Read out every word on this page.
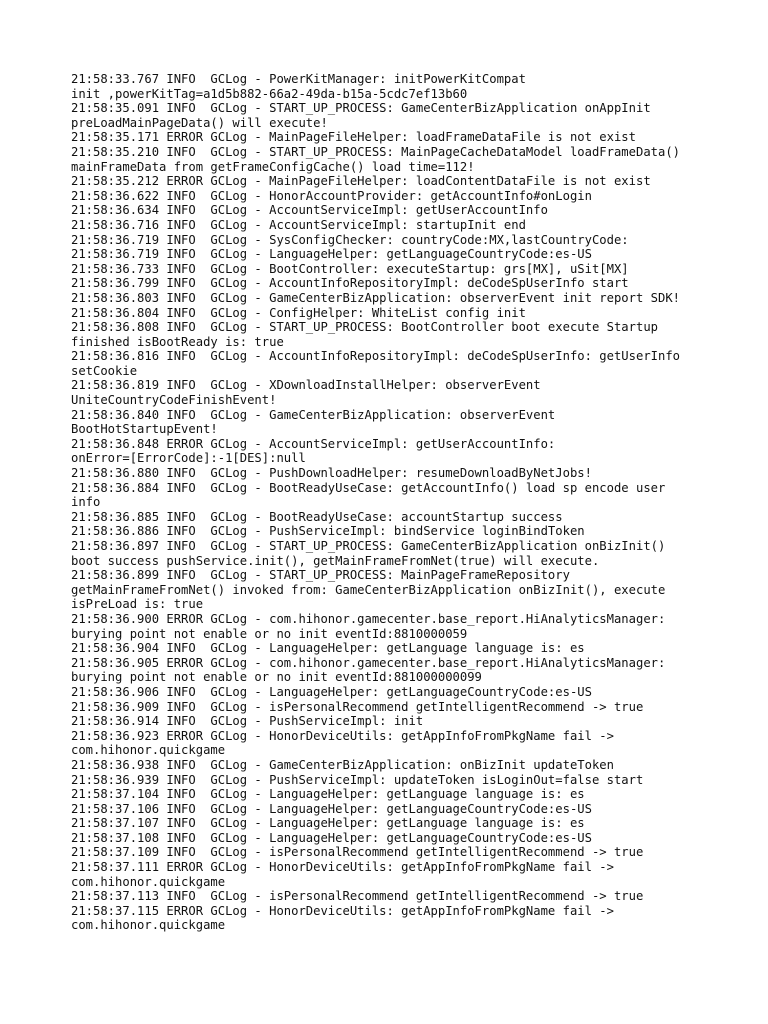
21:58:33.767 INFO  GCLog - PowerKitManager: initPowerKitCompat
init ,powerKitTag=a1d5b882-66a2-49da-b15a-5cdc7ef13b60
21:58:35.091 INFO  GCLog - START_UP_PROCESS: GameCenterBizApplication onAppInit
preLoadMainPageData() will execute!
21:58:35.171 ERROR GCLog - MainPageFileHelper: loadFrameDataFile is not exist
21:58:35.210 INFO  GCLog - START_UP_PROCESS: MainPageCacheDataModel loadFrameData()
mainFrameData from getFrameConfigCache() load time=112!
21:58:35.212 ERROR GCLog - MainPageFileHelper: loadContentDataFile is not exist
21:58:36.622 INFO  GCLog - HonorAccountProvider: getAccountInfo#onLogin
21:58:36.634 INFO  GCLog - AccountServiceImpl: getUserAccountInfo
21:58:36.716 INFO  GCLog - AccountServiceImpl: startupInit end
21:58:36.719 INFO  GCLog - SysConfigChecker: countryCode:MX,lastCountryCode:
21:58:36.719 INFO  GCLog - LanguageHelper: getLanguageCountryCode:es-US
21:58:36.733 INFO  GCLog - BootController: executeStartup: grs[MX], uSit[MX]
21:58:36.799 INFO  GCLog - AccountInfoRepositoryImpl: deCodeSpUserInfo start
21:58:36.803 INFO  GCLog - GameCenterBizApplication: observerEvent init report SDK!
21:58:36.804 INFO  GCLog - ConfigHelper: WhiteList config init
21:58:36.808 INFO  GCLog - START_UP_PROCESS: BootController boot execute Startup
finished isBootReady is: true
21:58:36.816 INFO  GCLog - AccountInfoRepositoryImpl: deCodeSpUserInfo: getUserInfo
setCookie
21:58:36.819 INFO  GCLog - XDownloadInstallHelper: observerEvent
UniteCountryCodeFinishEvent!
21:58:36.840 INFO  GCLog - GameCenterBizApplication: observerEvent
BootHotStartupEvent!
21:58:36.848 ERROR GCLog - AccountServiceImpl: getUserAccountInfo:
onError=[ErrorCode]:-1[DES]:null
21:58:36.880 INFO  GCLog - PushDownloadHelper: resumeDownloadByNetJobs!
21:58:36.884 INFO  GCLog - BootReadyUseCase: getAccountInfo() load sp encode user
info
21:58:36.885 INFO  GCLog - BootReadyUseCase: accountStartup success
21:58:36.886 INFO  GCLog - PushServiceImpl: bindService loginBindToken
21:58:36.897 INFO  GCLog - START_UP_PROCESS: GameCenterBizApplication onBizInit()
boot success pushService.init(), getMainFrameFromNet(true) will execute.
21:58:36.899 INFO  GCLog - START_UP_PROCESS: MainPageFrameRepository
getMainFrameFromNet() invoked from: GameCenterBizApplication onBizInit(), execute
isPreLoad is: true
21:58:36.900 ERROR GCLog - com.hihonor.gamecenter.base_report.HiAnalyticsManager:
burying point not enable or no init eventId:8810000059
21:58:36.904 INFO  GCLog - LanguageHelper: getLanguage language is: es
21:58:36.905 ERROR GCLog - com.hihonor.gamecenter.base_report.HiAnalyticsManager:
burying point not enable or no init eventId:881000000099
21:58:36.906 INFO  GCLog - LanguageHelper: getLanguageCountryCode:es-US
21:58:36.909 INFO  GCLog - isPersonalRecommend getIntelligentRecommend -> true
21:58:36.914 INFO  GCLog - PushServiceImpl: init
21:58:36.923 ERROR GCLog - HonorDeviceUtils: getAppInfoFromPkgName fail ->
com.hihonor.quickgame
21:58:36.938 INFO  GCLog - GameCenterBizApplication: onBizInit updateToken
21:58:36.939 INFO  GCLog - PushServiceImpl: updateToken isLoginOut=false start
21:58:37.104 INFO  GCLog - LanguageHelper: getLanguage language is: es
21:58:37.106 INFO  GCLog - LanguageHelper: getLanguageCountryCode:es-US
21:58:37.107 INFO  GCLog - LanguageHelper: getLanguage language is: es
21:58:37.108 INFO  GCLog - LanguageHelper: getLanguageCountryCode:es-US
21:58:37.109 INFO  GCLog - isPersonalRecommend getIntelligentRecommend -> true
21:58:37.111 ERROR GCLog - HonorDeviceUtils: getAppInfoFromPkgName fail ->
com.hihonor.quickgame
21:58:37.113 INFO  GCLog - isPersonalRecommend getIntelligentRecommend -> true
21:58:37.115 ERROR GCLog - HonorDeviceUtils: getAppInfoFromPkgName fail ->
com.hihonor.quickgame
